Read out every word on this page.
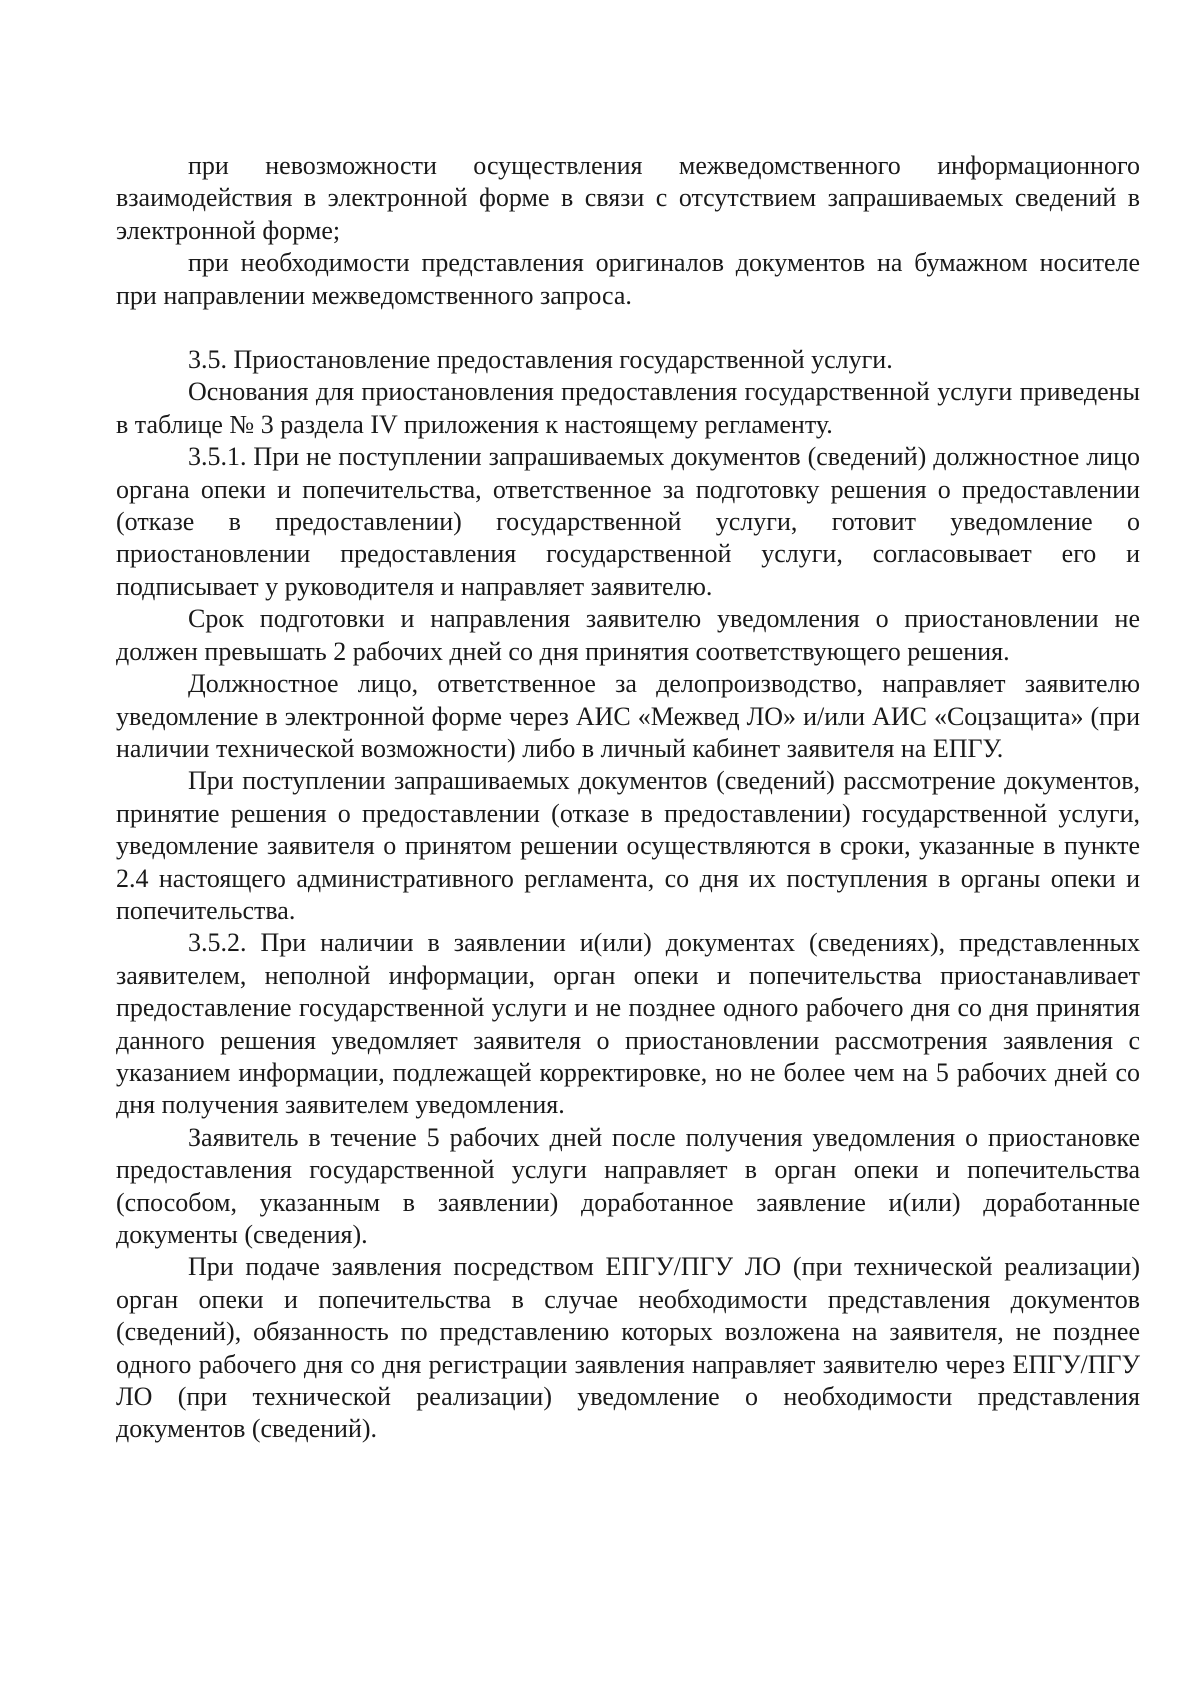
при невозможности осуществления межведомственного информационного взаимодействия в электронной форме в связи с отсутствием запрашиваемых сведений в электронной форме;

при необходимости представления оригиналов документов на бумажном носителе при направлении межведомственного запроса.

3.5. Приостановление предоставления государственной услуги.

Основания для приостановления предоставления государственной услуги приведены в таблице № 3 раздела IV приложения к настоящему регламенту.

3.5.1. При не поступлении запрашиваемых документов (сведений) должностное лицо органа опеки и попечительства, ответственное за подготовку решения о предоставлении (отказе в предоставлении) государственной услуги, готовит уведомление о приостановлении предоставления государственной услуги, согласовывает его и подписывает у руководителя и направляет заявителю.

Срок подготовки и направления заявителю уведомления о приостановлении не должен превышать 2 рабочих дней со дня принятия соответствующего решения.

Должностное лицо, ответственное за делопроизводство, направляет заявителю уведомление в электронной форме через АИС «Межвед ЛО» и/или АИС «Соцзащита» (при наличии технической возможности) либо в личный кабинет заявителя на ЕПГУ.

При поступлении запрашиваемых документов (сведений) рассмотрение документов, принятие решения о предоставлении (отказе в предоставлении) государственной услуги, уведомление заявителя о принятом решении осуществляются в сроки, указанные в пункте 2.4 настоящего административного регламента, со дня их поступления в органы опеки и попечительства.

3.5.2. При наличии в заявлении и(или) документах (сведениях), представленных заявителем, неполной информации, орган опеки и попечительства приостанавливает предоставление государственной услуги и не позднее одного рабочего дня со дня принятия данного решения уведомляет заявителя о приостановлении рассмотрения заявления с указанием информации, подлежащей корректировке, но не более чем на 5 рабочих дней со дня получения заявителем уведомления.

Заявитель в течение 5 рабочих дней после получения уведомления о приостановке предоставления государственной услуги направляет в орган опеки и попечительства (способом, указанным в заявлении) доработанное заявление и(или) доработанные документы (сведения).

При подаче заявления посредством ЕПГУ/ПГУ ЛО (при технической реализации) орган опеки и попечительства в случае необходимости представления документов (сведений), обязанность по представлению которых возложена на заявителя, не позднее одного рабочего дня со дня регистрации заявления направляет заявителю через ЕПГУ/ПГУ ЛО (при технической реализации) уведомление о необходимости представления документов (сведений).
